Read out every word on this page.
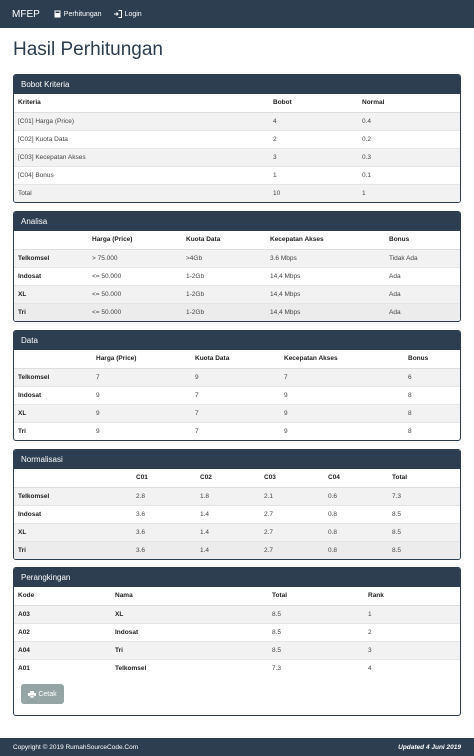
MFEP	Perhitungan	Login
Hasil Perhitungan
Bobot Kriteria
Kriteria	Bobot	Normal
[C01] Harga (Price)	4	0.4
[C02] Kuota Data	2	0.2
[C03] Kecepatan Akses	3	0.3
[C04] Bonus	1	0.1
Total	10	1
Analisa
	Harga (Price)	Kuota Data	Kecepatan Akses	Bonus
Telkomsel	> 75.000	>4Gb	3.6 Mbps	Tidak Ada
Indosat	<= 50.000	1-2Gb	14,4 Mbps	Ada
XL	<= 50.000	1-2Gb	14,4 Mbps	Ada
Tri	<= 50.000	1-2Gb	14,4 Mbps	Ada
Data
	Harga (Price)	Kuota Data	Kecepatan Akses	Bonus
Telkomsel	7	9	7	6
Indosat	9	7	9	8
XL	9	7	9	8
Tri	9	7	9	8
Normalisasi
	C01	C02	C03	C04	Total
Telkomsel	2.8	1.8	2.1	0.6	7.3
Indosat	3.6	1.4	2.7	0.8	8.5
XL	3.6	1.4	2.7	0.8	8.5
Tri	3.6	1.4	2.7	0.8	8.5
Perangkingan
Kode	Nama	Total	Rank
A03	XL	8.5	1
A02	Indosat	8.5	2
A04	Tri	8.5	3
A01	Telkomsel	7.3	4
Cetak
Copyright © 2019 RumahSourceCode.Com	Updated 4 Juni 2019
